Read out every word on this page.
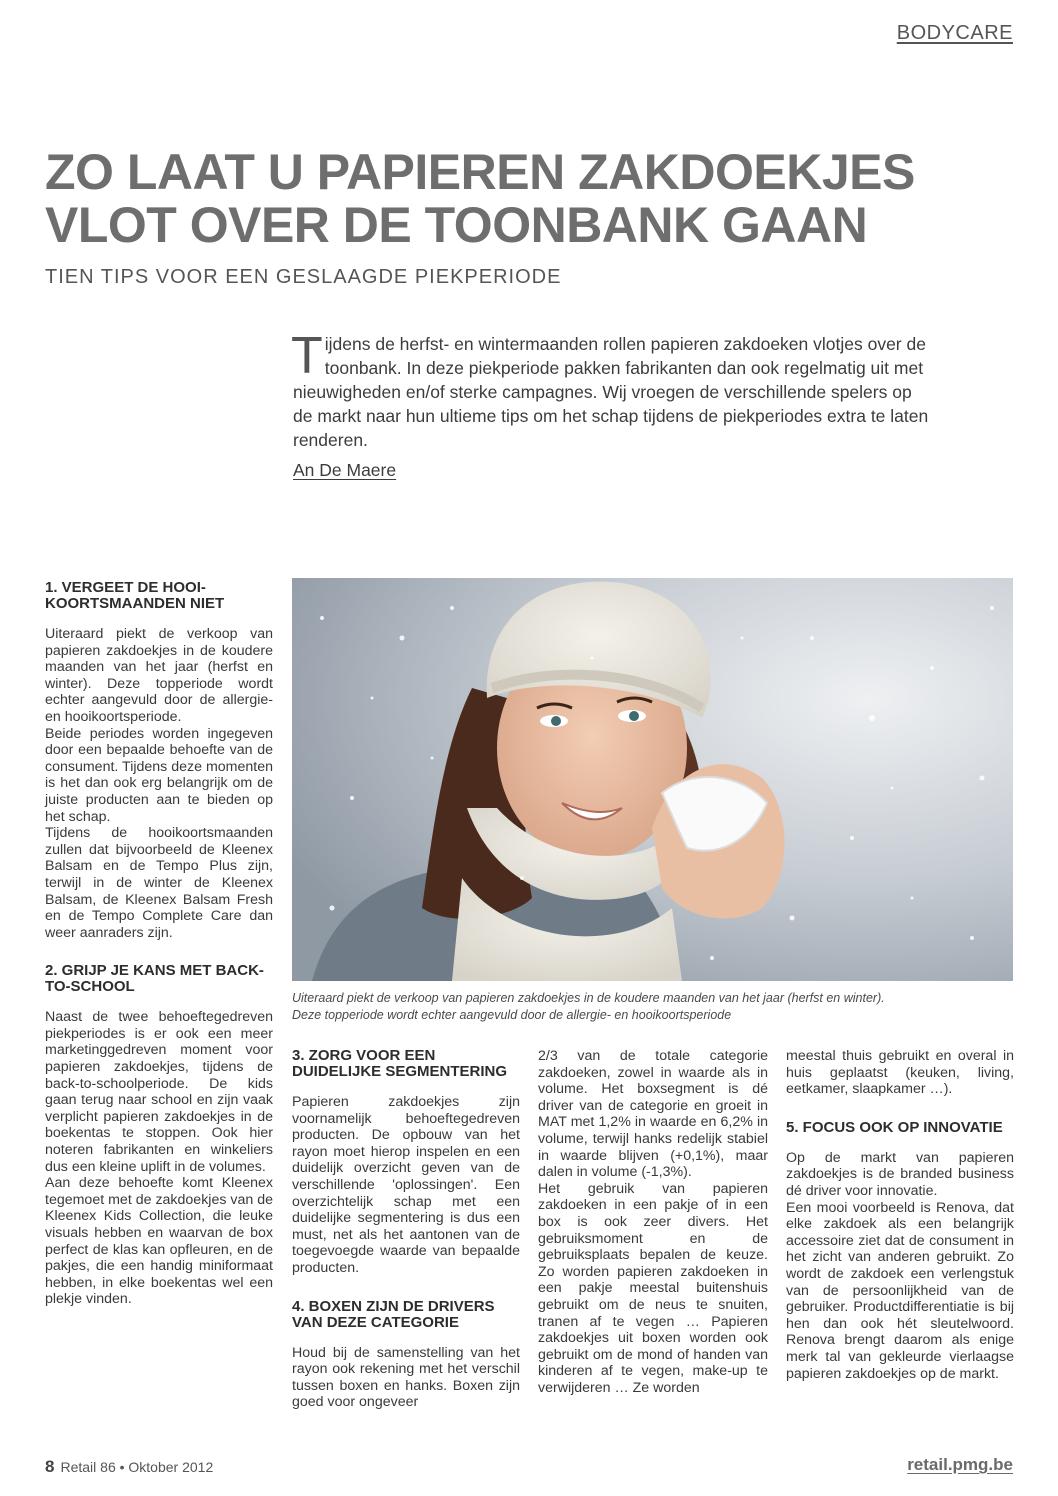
BODYCARE
ZO LAAT U PAPIEREN ZAKDOEKJES
VLOT OVER DE TOONBANK GAAN
TIEN TIPS VOOR EEN GESLAAGDE PIEKPERIODE
Tijdens de herfst- en wintermaanden rollen papieren zakdoeken vlotjes over de toonbank. In deze piekperiode pakken fabrikanten dan ook regelmatig uit met nieuwigheden en/of sterke campagnes. Wij vroegen de verschillende spelers op de markt naar hun ultieme tips om het schap tijdens de piekperiodes extra te laten renderen.
An De Maere
Uiteraard piekt de verkoop van papieren zakdoekjes in de koudere maanden van het jaar (herfst en winter).
Deze topperiode wordt echter aangevuld door de allergie- en hooikoortsperiode
1. VERGEET DE HOOI-KOORTSMAANDEN NIET

Uiteraard piekt de verkoop van papieren zakdoekjes in de koudere maanden van het jaar (herfst en winter). Deze topperiode wordt echter aangevuld door de allergie- en hooikoortsperiode.

Beide periodes worden ingegeven door een bepaalde behoefte van de consument. Tijdens deze momenten is het dan ook erg belangrijk om de juiste producten aan te bieden op het schap.

Tijdens de hooikoortsmaanden zullen dat bijvoorbeeld de Kleenex Balsam en de Tempo Plus zijn, terwijl in de winter de Kleenex Balsam, de Kleenex Balsam Fresh en de Tempo Complete Care dan weer aanraders zijn.

2. GRIJP JE KANS MET BACK-TO-SCHOOL

Naast de twee behoeftegedreven piekperiodes is er ook een meer marketinggedreven moment voor papieren zakdoekjes, tijdens de back-to-schoolperiode. De kids gaan terug naar school en zijn vaak verplicht papieren zakdoekjes in de boekentas te stoppen. Ook hier noteren fabrikanten en winkeliers dus een kleine uplift in de volumes.

Aan deze behoefte komt Kleenex tegemoet met de zakdoekjes van de Kleenex Kids Collection, die leuke visuals hebben en waarvan de box perfect de klas kan opfleuren, en de pakjes, die een handig miniformaat hebben, in elke boekentas wel een plekje vinden.

3. ZORG VOOR EEN DUIDELIJKE SEGMENTERING

Papieren zakdoekjes zijn voornamelijk behoeftegedreven producten. De opbouw van het rayon moet hierop inspelen en een duidelijk overzicht geven van de verschillende 'oplossingen'. Een overzichtelijk schap met een duidelijke segmentering is dus een must, net als het aantonen van de toegevoegde waarde van bepaalde producten.

4. BOXEN ZIJN DE DRIVERS VAN DEZE CATEGORIE

Houd bij de samenstelling van het rayon ook rekening met het verschil tussen boxen en hanks. Boxen zijn goed voor ongeveer

2/3 van de totale categorie zakdoeken, zowel in waarde als in volume. Het boxsegment is dé driver van de categorie en groeit in MAT met 1,2% in waarde en 6,2% in volume, terwijl hanks redelijk stabiel in waarde blijven (+0,1%), maar dalen in volume (-1,3%).

Het gebruik van papieren zakdoeken in een pakje of in een box is ook zeer divers. Het gebruiksmoment en de gebruiksplaats bepalen de keuze. Zo worden papieren zakdoeken in een pakje meestal buitenshuis gebruikt om de neus te snuiten, tranen af te vegen … Papieren zakdoekjes uit boxen worden ook gebruikt om de mond of handen van kinderen af te vegen, make-up te verwijderen … Ze worden

meestal thuis gebruikt en overal in huis geplaatst (keuken, living, eetkamer, slaapkamer …).

5. FOCUS OOK OP INNOVATIE

Op de markt van papieren zakdoekjes is de branded business dé driver voor innovatie.

Een mooi voorbeeld is Renova, dat elke zakdoek als een belangrijk accessoire ziet dat de consument in het zicht van anderen gebruikt. Zo wordt de zakdoek een verlengstuk van de persoonlijkheid van de gebruiker. Productdifferentiatie is bij hen dan ook hét sleutelwoord. Renova brengt daarom als enige merk tal van gekleurde vierlaagse papieren zakdoekjes op de markt.

8 Retail 86 • Oktober 2012	retail.pmg.be
